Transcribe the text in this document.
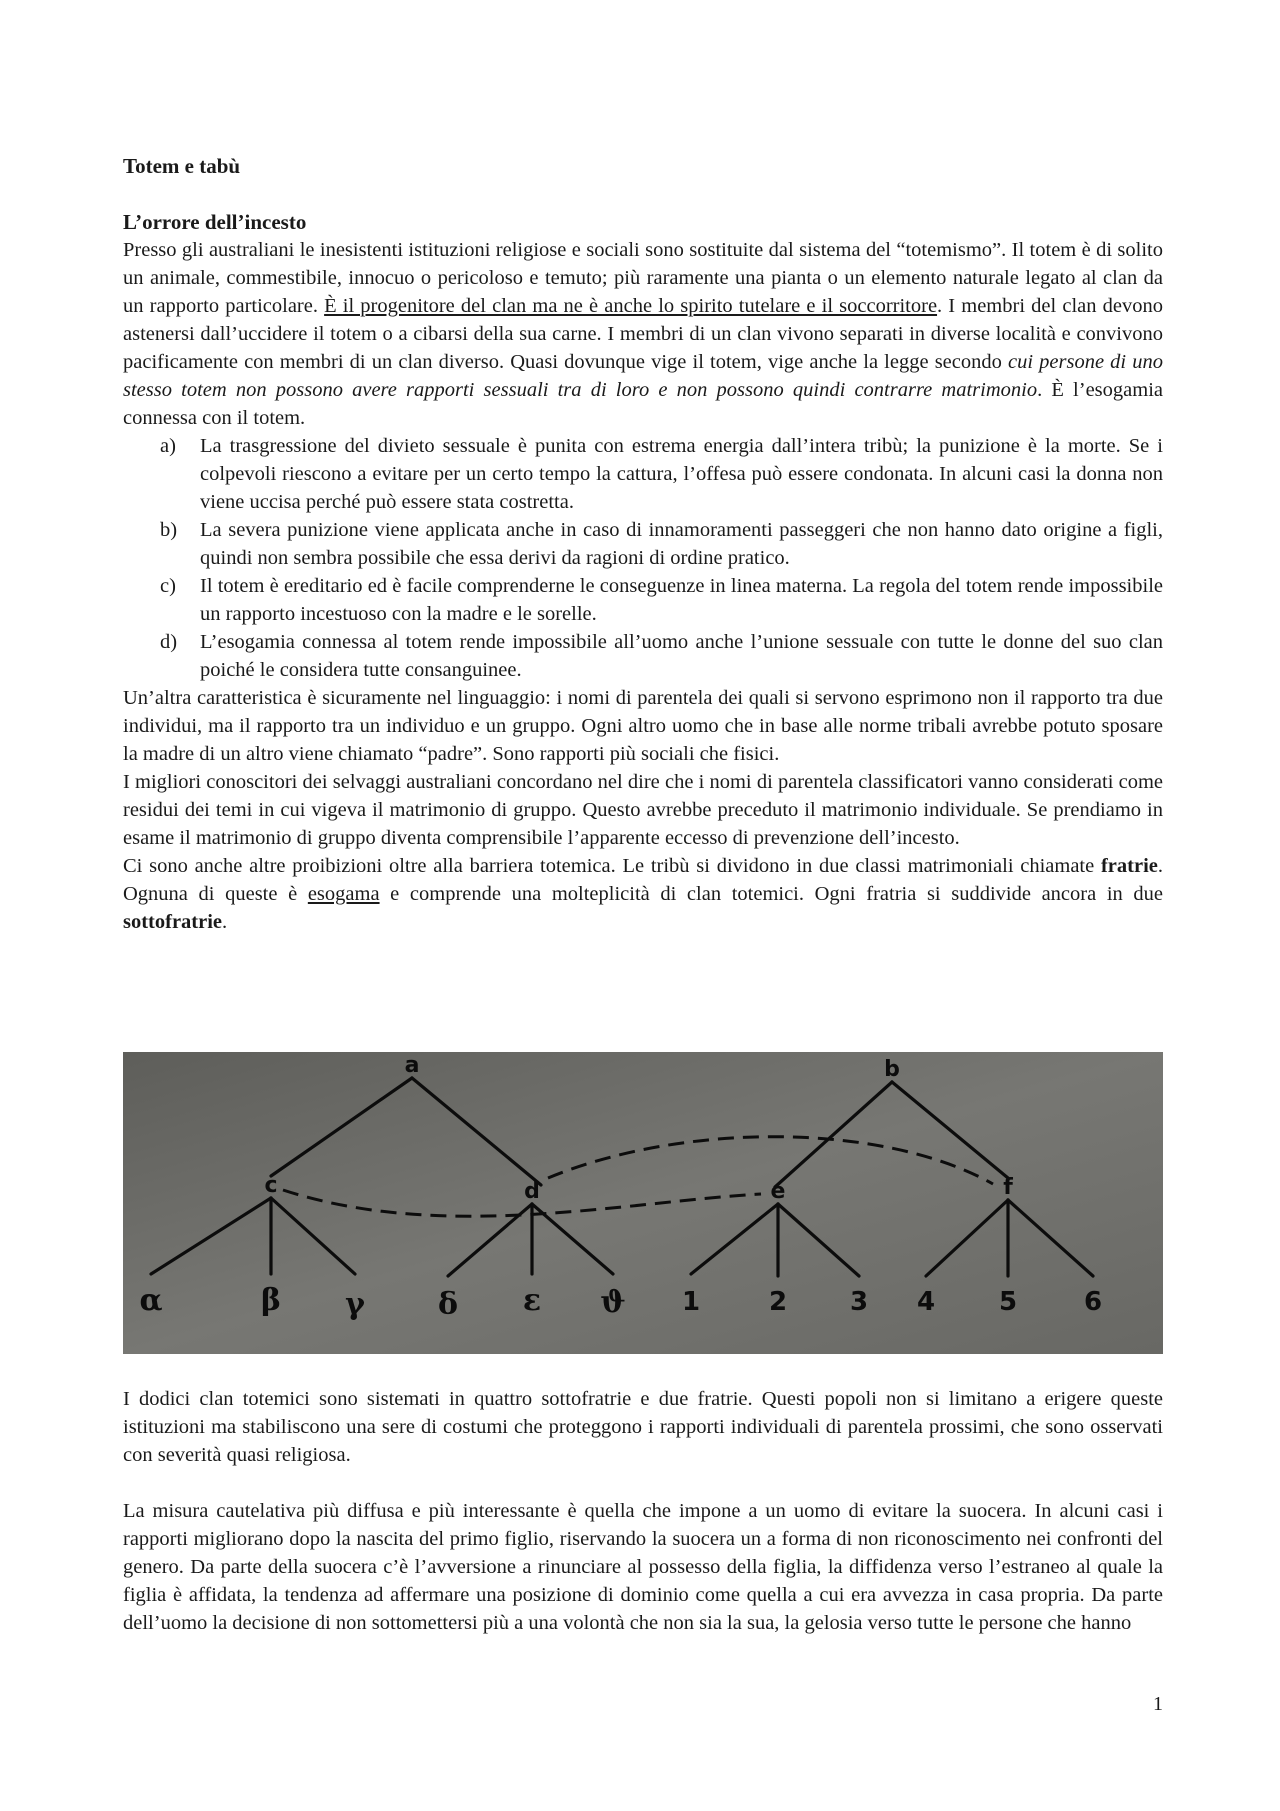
Totem e tabù
L’orrore dell’incesto

Presso gli australiani le inesistenti istituzioni religiose e sociali sono sostituite dal sistema del “totemismo”. Il totem è di solito un animale, commestibile, innocuo o pericoloso e temuto; più raramente una pianta o un elemento naturale legato al clan da un rapporto particolare. È il progenitore del clan ma ne è anche lo spirito tutelare e il soccorritore. I membri del clan devono astenersi dall’uccidere il totem o a cibarsi della sua carne. I membri di un clan vivono separati in diverse località e convivono pacificamente con membri di un clan diverso. Quasi dovunque vige il totem, vige anche la legge secondo cui persone di uno stesso totem non possono avere rapporti sessuali tra di loro e non possono quindi contrarre matrimonio. È l’esogamia connessa con il totem.

a) La trasgressione del divieto sessuale è punita con estrema energia dall’intera tribù; la punizione è la morte. Se i colpevoli riescono a evitare per un certo tempo la cattura, l’offesa può essere condonata. In alcuni casi la donna non viene uccisa perché può essere stata costretta.
b) La severa punizione viene applicata anche in caso di innamoramenti passeggeri che non hanno dato origine a figli, quindi non sembra possibile che essa derivi da ragioni di ordine pratico.
c) Il totem è ereditario ed è facile comprenderne le conseguenze in linea materna. La regola del totem rende impossibile un rapporto incestuoso con la madre e le sorelle.
d) L’esogamia connessa al totem rende impossibile all’uomo anche l’unione sessuale con tutte le donne del suo clan poiché le considera tutte consanguinee.

Un’altra caratteristica è sicuramente nel linguaggio: i nomi di parentela dei quali si servono esprimono non il rapporto tra due individui, ma il rapporto tra un individuo e un gruppo. Ogni altro uomo che in base alle norme tribali avrebbe potuto sposare la madre di un altro viene chiamato “padre”. Sono rapporti più sociali che fisici.

I migliori conoscitori dei selvaggi australiani concordano nel dire che i nomi di parentela classificatori vanno considerati come residui dei temi in cui vigeva il matrimonio di gruppo. Questo avrebbe preceduto il matrimonio individuale. Se prendiamo in esame il matrimonio di gruppo diventa comprensibile l’apparente eccesso di prevenzione dell’incesto.

Ci sono anche altre proibizioni oltre alla barriera totemica. Le tribù si dividono in due classi matrimoniali chiamate fratrie. Ognuna di queste è esogama e comprende una molteplicità di clan totemici. Ogni fratria si suddivide ancora in due sottofratrie.

a	b
c	d	e	f
α	β γ δ ε ϑ 1	2 3 4 5	6

I dodici clan totemici sono sistemati in quattro sottofratrie e due fratrie. Questi popoli non si limitano a erigere queste istituzioni ma stabiliscono una sere di costumi che proteggono i rapporti individuali di parentela prossimi, che sono osservati con severità quasi religiosa.

La misura cautelativa più diffusa e più interessante è quella che impone a un uomo di evitare la suocera. In alcuni casi i rapporti migliorano dopo la nascita del primo figlio, riservando la suocera un a forma di non riconoscimento nei confronti del genero. Da parte della suocera c’è l’avversione a rinunciare al possesso della figlia, la diffidenza verso l’estraneo al quale la figlia è affidata, la tendenza ad affermare una posizione di dominio come quella a cui era avvezza in casa propria. Da parte dell’uomo la decisione di non sottomettersi più a una volontà che non sia la sua, la gelosia verso tutte le persone che hanno

1
